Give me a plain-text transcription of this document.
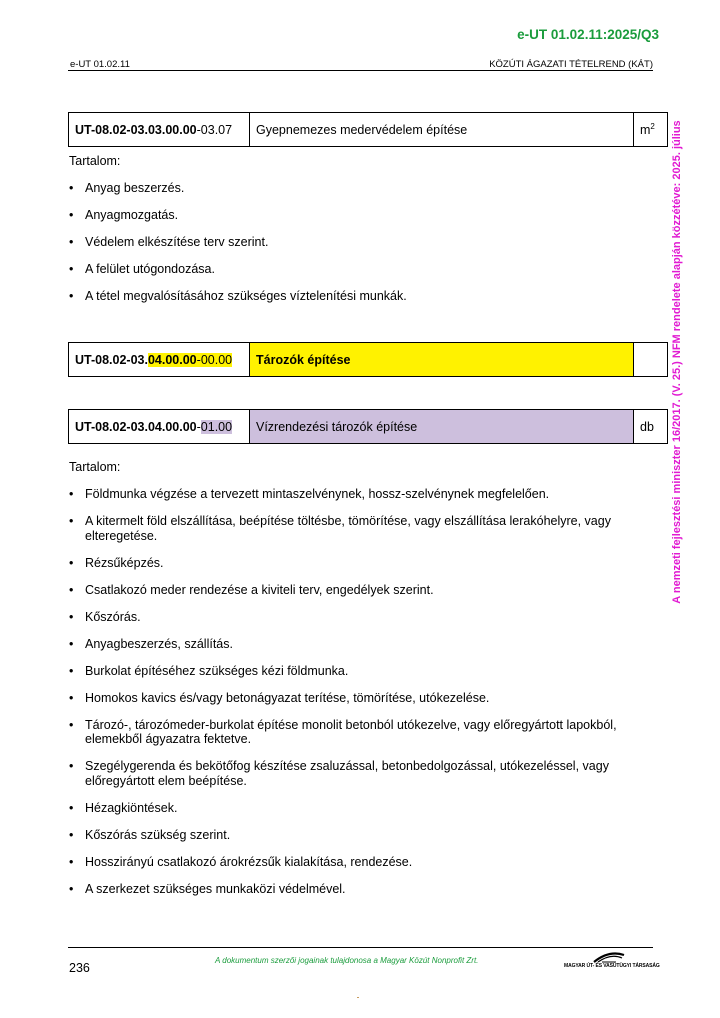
e-UT 01.02.11:2025/Q3
e-UT 01.02.11	KÖZÚTI ÁGAZATI TÉTELREND (KÁT)
A nemzeti fejlesztési miniszter 16/2017. (V. 25.) NFM rendelete alapján közzétéve: 2025. július
UT-08.02-03.03.00.00-03.07	Gyepnemezes medervédelem építése	$m^2$
Tartalom:
• Anyag beszerzés.
• Anyagmozgatás.
• Védelem elkészítése terv szerint.
• A felület utógondozása.
• A tétel megvalósításához szükséges víztelenítési munkák.
UT-08.02-03.04.00.00-00.00	Tározók építése	
UT-08.02-03.04.00.00-01.00	Vízrendezési tározók építése	db
Tartalom:
• Földmunka végzése a tervezett mintaszelvénynek, hossz-szelvénynek megfelelően.
• A kitermelt föld elszállítása, beépítése töltésbe, tömörítése, vagy elszállítása lerakóhelyre, vagy elteregetése.
• Rézsűképzés.
• Csatlakozó meder rendezése a kiviteli terv, engedélyek szerint.
• Kőszórás.
• Anyagbeszerzés, szállítás.
• Burkolat építéséhez szükséges kézi földmunka.
• Homokos kavics és/vagy betonágyazat terítése, tömörítése, utókezelése.
• Tározó-, tározómeder-burkolat építése monolit betonból utókezelve, vagy előregyártott lapokból, elemekből ágyazatra fektetve.
• Szegélygerenda és bekötőfog készítése zsaluzással, betonbedolgozással, utókezeléssel, vagy előregyártott elem beépítése.
• Hézagkiöntések.
• Kőszórás szükség szerint.
• Hosszirányú csatlakozó árokrézsűk kialakítása, rendezése.
• A szerkezet szükséges munkaközi védelmével.
236
A dokumentum szerzői jogainak tulajdonosa a Magyar Közút Nonprofit Zrt.
MAGYAR ÚT- ÉS VASÚTÜGYI TÁRSASÁG
